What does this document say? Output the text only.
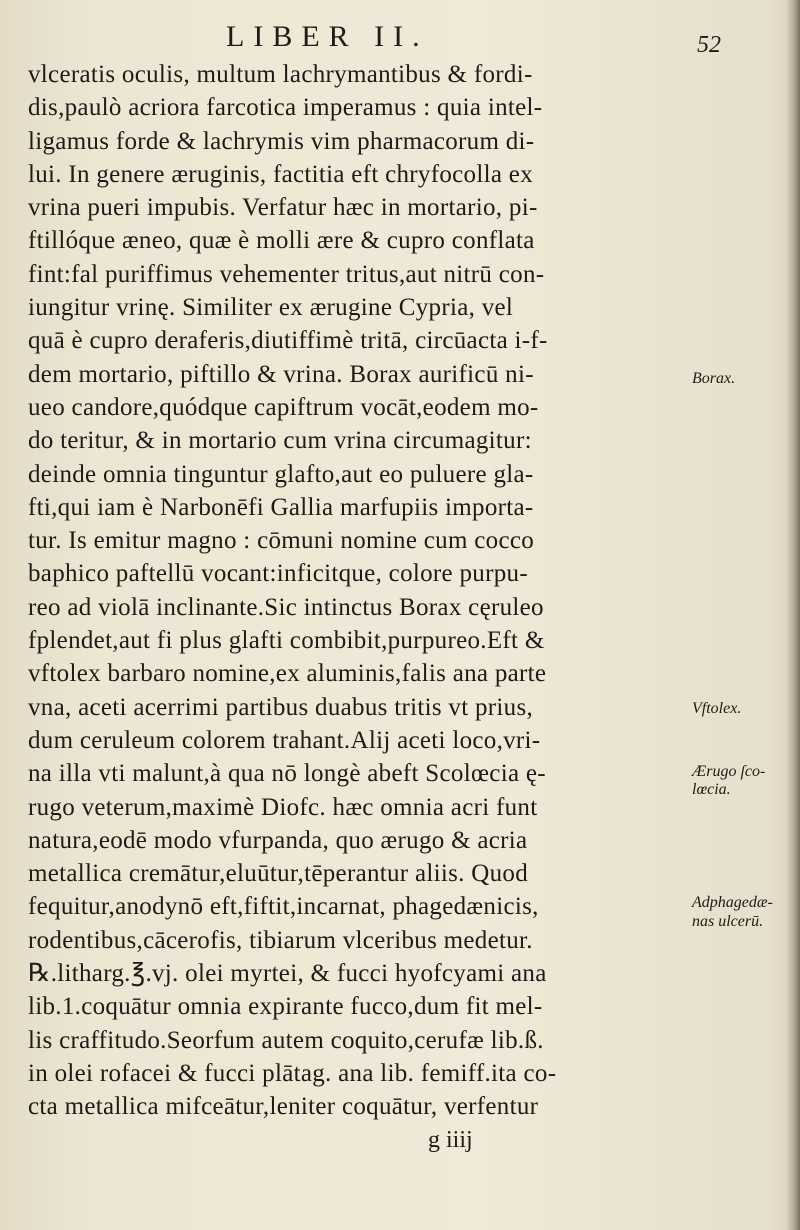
LIBER II.	52
vlceratis oculis, multum lachrymantibus & fordi-
dis,paulò acriora farcotica imperamus : quia intel-
ligamus forde & lachrymis vim pharmacorum di-
lui. In genere æruginis, factitia eft chryfocolla ex
vrina pueri impubis. Verfatur hæc in mortario, pi-
ftillóque æneo, quæ è molli ære & cupro conflata
fint:fal puriffimus vehementer tritus,aut nitrū con-
iungitur vrinę. Similiter ex ærugine Cypria, vel
quā è cupro deraferis,diutiffimè tritā, circūacta i-f-
dem mortario, piftillo & vrina. Borax aurificū ni-
ueo candore,quódque capiftrum vocāt,eodem mo-
do teritur, & in mortario cum vrina circumagitur:
deinde omnia tinguntur glafto,aut eo puluere gla-
fti,qui iam è Narbonēfi Gallia marfupiis importa-
tur. Is emitur magno : cōmuni nomine cum cocco
baphico paftellū vocant:inficitque, colore purpu-
reo ad violā inclinante.Sic intinctus Borax cęruleo
fplendet,aut fi plus glafti combibit,purpureo.Eft &
vftolex barbaro nomine,ex aluminis,falis ana parte
vna, aceti acerrimi partibus duabus tritis vt prius,
dum ceruleum colorem trahant.Alij aceti loco,vri-
na illa vti malunt,à qua nō longè abeft Scolœcia ę-
rugo veterum,maximè Diofc. hæc omnia acri funt
natura,eodē modo vfurpanda, quo ærugo & acria
metallica cremātur,eluūtur,tēperantur aliis. Quod
fequitur,anodynō eft,fiftit,incarnat, phagedænicis,
rodentibus,cācerofis, tibiarum vlceribus medetur.
℞.litharg.℥.vj. olei myrtei, & fucci hyofcyami ana
lib.1.coquātur omnia expirante fucco,dum fit mel-
lis craffitudo.Seorfum autem coquito,cerufæ lib.ß.
in olei rofacei & fucci plātag. ana lib. femiff.ita co-
cta metallica mifceātur,leniter coquātur, verfentur
g iiij
Borax.
Vftolex.
Ærugo ſco-
lœcia.
Adphagedæ-
nas ulcerū.
